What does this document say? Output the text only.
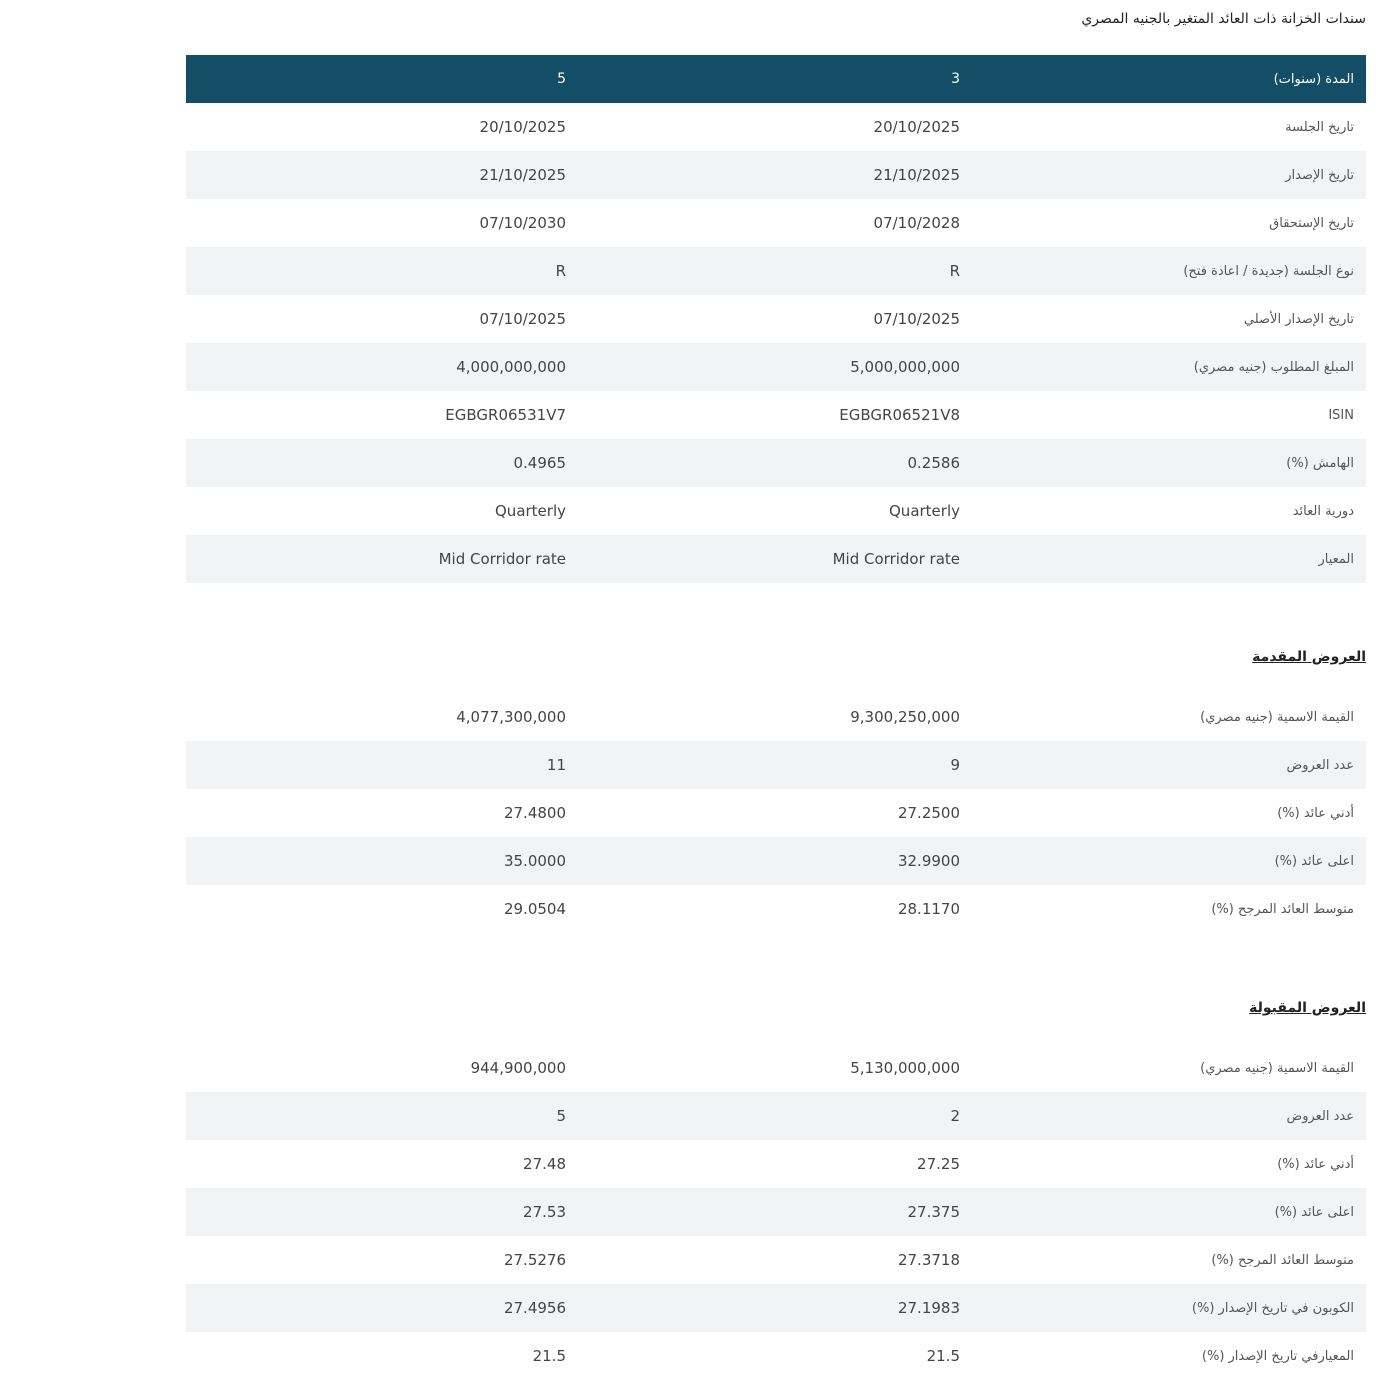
سندات الخزانة ذات العائد المتغير بالجنيه المصري
المدة (سنوات)	3	5
تاريخ الجلسة	20/10/2025	20/10/2025
تاريخ الإصدار	21/10/2025	21/10/2025
تاريخ الإستحقاق	07/10/2028	07/10/2030
نوع الجلسة (جديدة / اعادة فتح)	R	R
تاريخ الإصدار الأصلي	07/10/2025	07/10/2025
المبلغ المطلوب (جنيه مصري)	5,000,000,000	4,000,000,000
ISIN	EGBGR06521V8	EGBGR06531V7
الهامش (%)	0.2586	0.4965
دورية العائد	Quarterly	Quarterly
المعيار	Mid Corridor rate	Mid Corridor rate
العروض المقدمة
القيمة الاسمية (جنيه مصري)	9,300,250,000	4,077,300,000
عدد العروض	9	11
أدني عائد (%)	27.2500	27.4800
اعلى عائد (%)	32.9900	35.0000
متوسط العائد المرجح (%)	28.1170	29.0504
العروض المقبولة
القيمة الاسمية (جنيه مصري)	5,130,000,000	944,900,000
عدد العروض	2	5
أدني عائد (%)	27.25	27.48
اعلى عائد (%)	27.375	27.53
متوسط العائد المرجح (%)	27.3718	27.5276
الكوبون في تاريخ الإصدار (%)	27.1983	27.4956
المعيارفي تاريخ الإصدار (%)	21.5	21.5
